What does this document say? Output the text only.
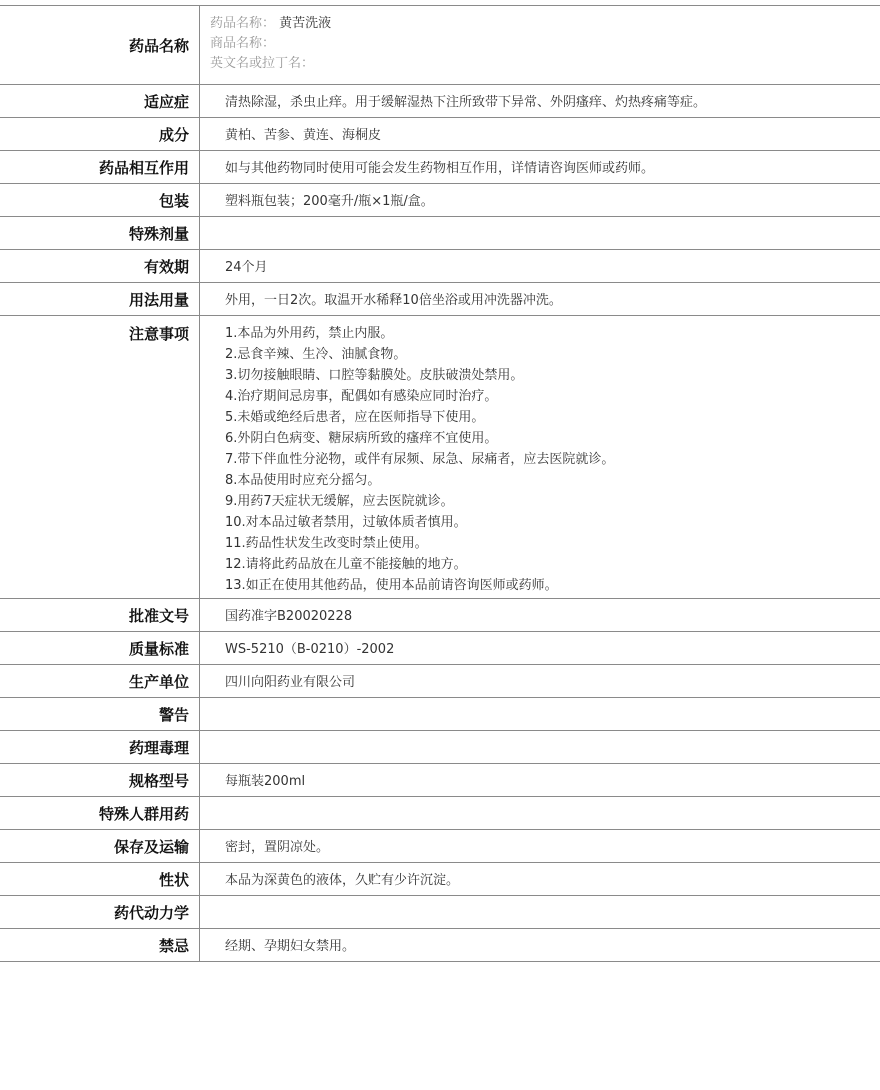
药品名称
药品名称： 黄苦洗液
商品名称：
英文名或拉丁名：
适应症	清热除湿，杀虫止痒。用于缓解湿热下注所致带下异常、外阴瘙痒、灼热疼痛等症。
成分	黄柏、苦参、黄连、海桐皮
药品相互作用	如与其他药物同时使用可能会发生药物相互作用，详情请咨询医师或药师。
包装	塑料瓶包装；200毫升/瓶×1瓶/盒。
特殊剂量
有效期	24个月
用法用量	外用，一日2次。取温开水稀释10倍坐浴或用冲洗器冲洗。
注意事项	1.本品为外用药，禁止内服。
2.忌食辛辣、生冷、油腻食物。
3.切勿接触眼睛、口腔等黏膜处。皮肤破溃处禁用。
4.治疗期间忌房事，配偶如有感染应同时治疗。
5.未婚或绝经后患者，应在医师指导下使用。
6.外阴白色病变、糖尿病所致的瘙痒不宜使用。
7.带下伴血性分泌物，或伴有尿频、尿急、尿痛者，应去医院就诊。
8.本品使用时应充分摇匀。
9.用药7天症状无缓解，应去医院就诊。
10.对本品过敏者禁用，过敏体质者慎用。
11.药品性状发生改变时禁止使用。
12.请将此药品放在儿童不能接触的地方。
13.如正在使用其他药品，使用本品前请咨询医师或药师。
批准文号	国药准字B20020228
质量标准	WS-5210（B-0210）-2002
生产单位	四川向阳药业有限公司
警告
药理毒理
规格型号	每瓶装200ml
特殊人群用药
保存及运输	密封，置阴凉处。
性状	本品为深黄色的液体，久贮有少许沉淀。
药代动力学
禁忌	经期、孕期妇女禁用。
